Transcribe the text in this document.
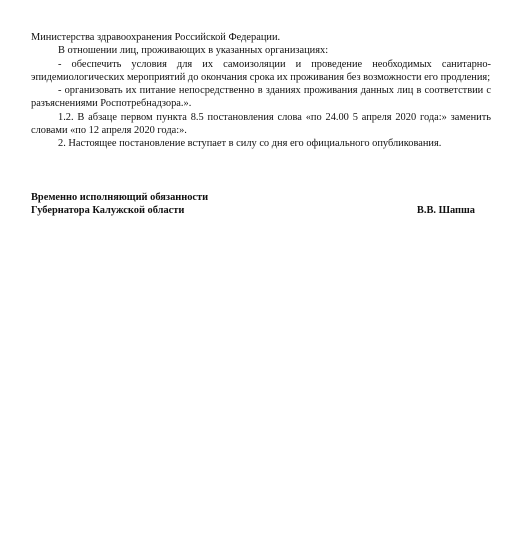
Министерства здравоохранения Российской Федерации.

В отношении лиц, проживающих в указанных организациях:

- обеспечить условия для их самоизоляции и проведение необходимых санитарно-эпидемиологических мероприятий до окончания срока их проживания без возможности его продления;

- организовать их питание непосредственно в зданиях проживания данных лиц в соответствии с разъяснениями Роспотребнадзора.».

1.2. В абзаце первом пункта 8.5 постановления слова «по 24.00 5 апреля 2020 года:» заменить словами «по 12 апреля 2020 года:».

2. Настоящее постановление вступает в силу со дня его официального опубликования.

Временно исполняющий обязанности
Губернатора Калужской области	В.В. Шапша
